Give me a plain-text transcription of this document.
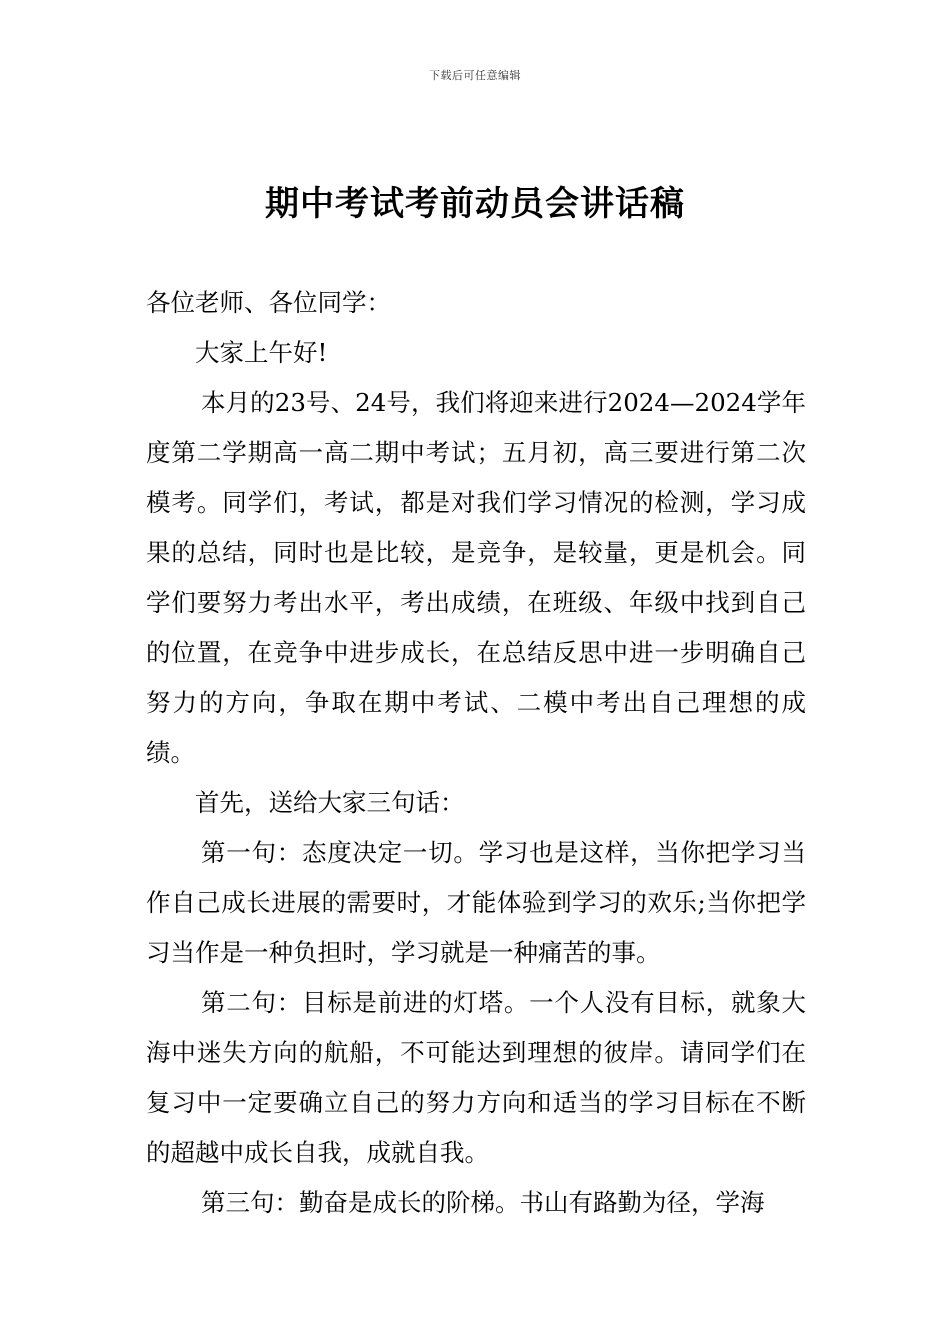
下载后可任意编辑
期中考试考前动员会讲话稿

各位老师、各位同学：

大家上午好!

本月的23号、24号，我们将迎来进行2024—2024学年度第二学期高一高二期中考试；五月初，高三要进行第二次模考。同学们，考试，都是对我们学习情况的检测，学习成果的总结，同时也是比较，是竞争，是较量，更是机会。同学们要努力考出水平，考出成绩，在班级、年级中找到自己的位置，在竞争中进步成长，在总结反思中进一步明确自己努力的方向，争取在期中考试、二模中考出自己理想的成绩。

首先，送给大家三句话：

第一句：态度决定一切。学习也是这样，当你把学习当作自己成长进展的需要时，才能体验到学习的欢乐;当你把学习当作是一种负担时，学习就是一种痛苦的事。

第二句：目标是前进的灯塔。一个人没有目标，就象大海中迷失方向的航船，不可能达到理想的彼岸。请同学们在复习中一定要确立自己的努力方向和适当的学习目标在不断的超越中成长自我，成就自我。

第三句：勤奋是成长的阶梯。书山有路勤为径，学海
